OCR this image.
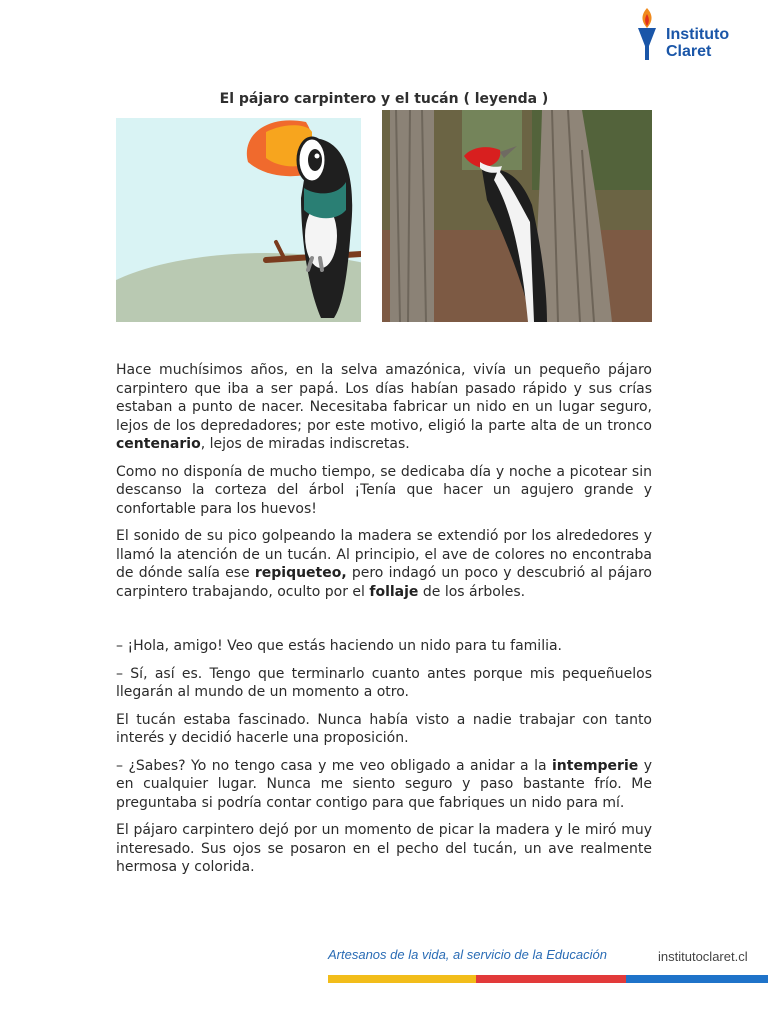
Instituto
Claret
El pájaro carpintero y el tucán ( leyenda )

Hace muchísimos años, en la selva amazónica, vivía un pequeño pájaro carpintero que iba a ser papá. Los días habían pasado rápido y sus crías estaban a punto de nacer. Necesitaba fabricar un nido en un lugar seguro, lejos de los depredadores; por este motivo, eligió la parte alta de un tronco centenario, lejos de miradas indiscretas.

Como no disponía de mucho tiempo, se dedicaba día y noche a picotear sin descanso la corteza del árbol ¡Tenía que hacer un agujero grande y confortable para los huevos!

El sonido de su pico golpeando la madera se extendió por los alrededores y llamó la atención de un tucán. Al principio, el ave de colores no encontraba de dónde salía ese repiqueteo, pero indagó un poco y descubrió al pájaro carpintero trabajando, oculto por el follaje de los árboles.

– ¡Hola, amigo! Veo que estás haciendo un nido para tu familia.

– Sí, así es. Tengo que terminarlo cuanto antes porque mis pequeñuelos llegarán al mundo de un momento a otro.

El tucán estaba fascinado. Nunca había visto a nadie trabajar con tanto interés y decidió hacerle una proposición.

– ¿Sabes? Yo no tengo casa y me veo obligado a anidar a la intemperie y en cualquier lugar. Nunca me siento seguro y paso bastante frío. Me preguntaba si podría contar contigo para que fabriques un nido para mí.

El pájaro carpintero dejó por un momento de picar la madera y le miró muy interesado. Sus ojos se posaron en el pecho del tucán, un ave realmente hermosa y colorida.

Artesanos de la vida, al servicio de la Educación	institutoclaret.cl
